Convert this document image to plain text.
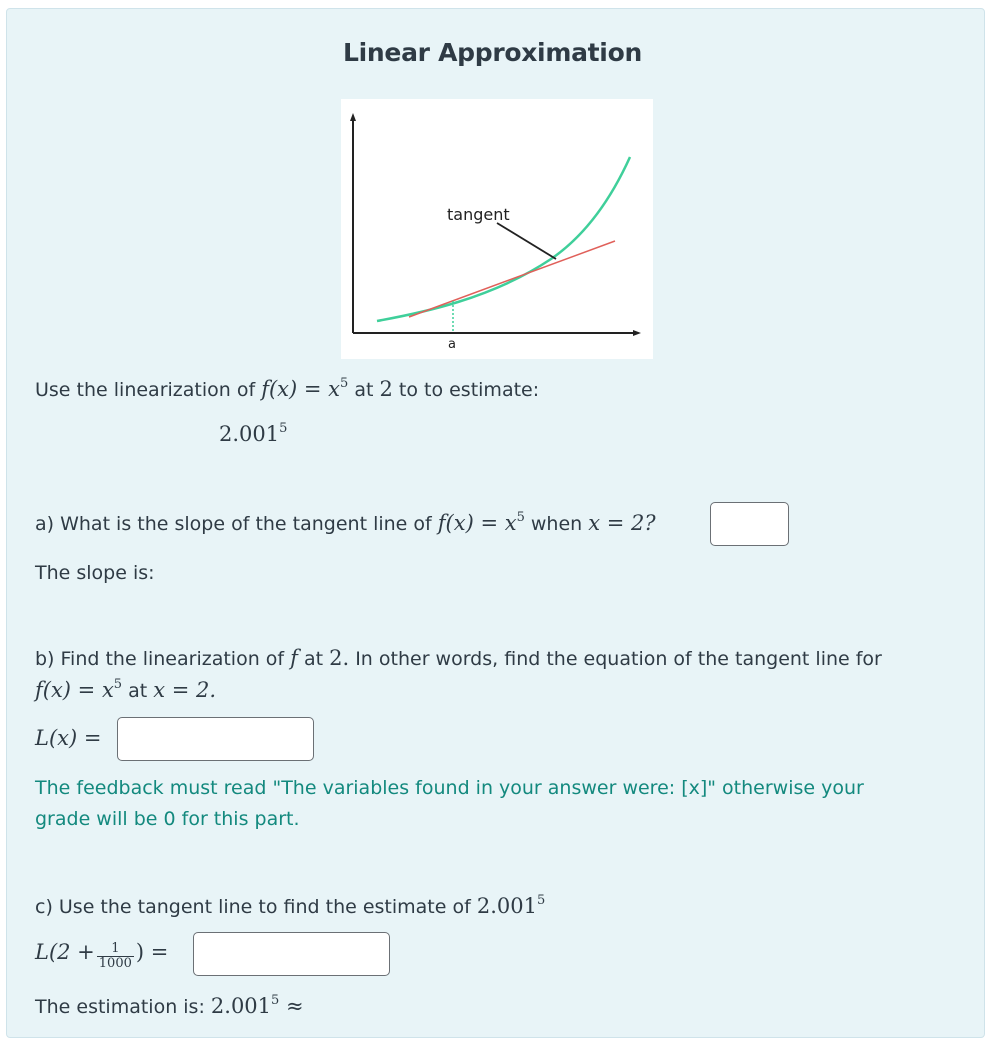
Linear Approximation
tangent
a
Use the linearization of $f(x) = x^5$ at 2 to to estimate:
2.001$^5$
a) What is the slope of the tangent line of $f(x) = x^5$ when x = 2?
The slope is:
b) Find the linearization of f at 2. In other words, find the equation of the tangent line for
$f(x) = x^5$ at x = 2.
L(x) =
The feedback must read "The variables found in your answer were: [x]" otherwise your
grade will be 0 for this part.
c) Use the tangent line to find the estimate of 2.001$^5$
$L(2 + \frac{1}{1000}$ ) =
The estimation is: $2.001^5$ ≈
